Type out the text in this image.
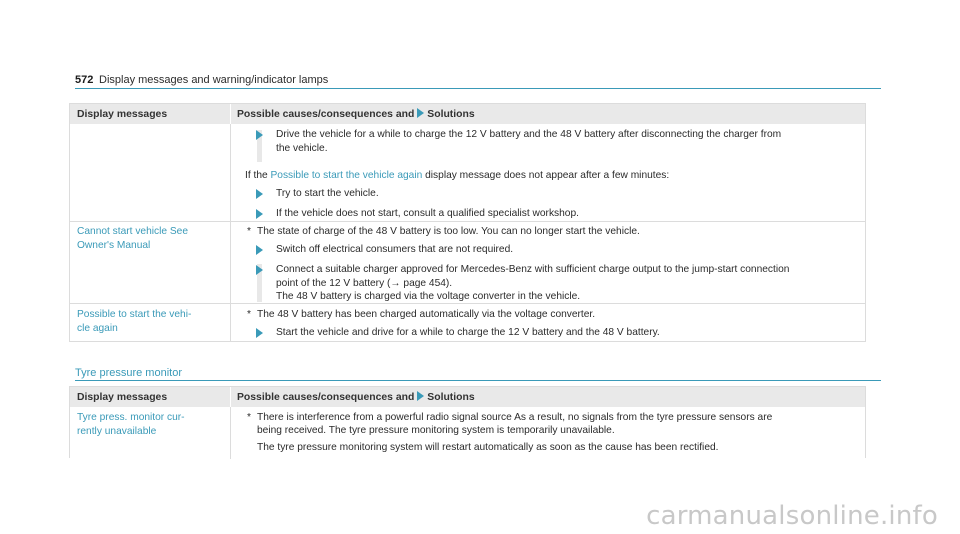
572 Display messages and warning/indicator lamps
Display messages	Possible causes/consequences and Solutions
Drive the vehicle for a while to charge the 12 V battery and the 48 V battery after disconnecting the charger from
the vehicle.
If the Possible to start the vehicle again display message does not appear after a few minutes:
Try to start the vehicle.
If the vehicle does not start, consult a qualified specialist workshop.
Cannot start vehicle See
Owner's Manual
* The state of charge of the 48 V battery is too low. You can no longer start the vehicle.
Switch off electrical consumers that are not required.
Connect a suitable charger approved for Mercedes-Benz with sufficient charge output to the jump-start connection
point of the 12 V battery (→ page 454).
The 48 V battery is charged via the voltage converter in the vehicle.
Possible to start the vehi-
cle again
* The 48 V battery has been charged automatically via the voltage converter.
Start the vehicle and drive for a while to charge the 12 V battery and the 48 V battery.
Tyre pressure monitor
Display messages	Possible causes/consequences and Solutions
Tyre press. monitor cur-
rently unavailable
* There is interference from a powerful radio signal source As a result, no signals from the tyre pressure sensors are
being received. The tyre pressure monitoring system is temporarily unavailable.
The tyre pressure monitoring system will restart automatically as soon as the cause has been rectified.
carmanualsonline.info
